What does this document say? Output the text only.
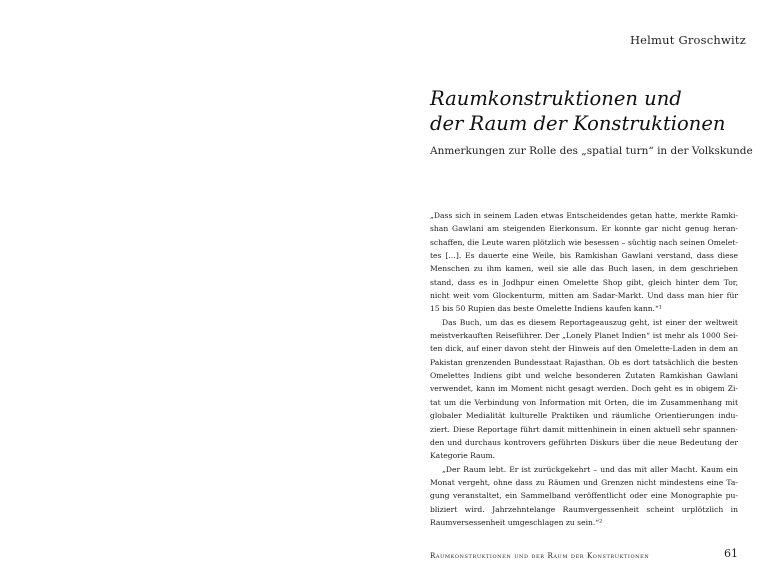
Helmut Groschwitz
Raumkonstruktionen und
der Raum der Konstruktionen
Anmerkungen zur Rolle des „spatial turn“ in der Volkskunde
„Dass sich in seinem Laden etwas Entscheidendes getan hatte, merkte Ramki-
shan Gawlani am steigenden Eierkonsum. Er konnte gar nicht genug heran-
schaffen, die Leute waren plötzlich wie besessen – süchtig nach seinen Omelet-
tes […]. Es dauerte eine Weile, bis Ramkishan Gawlani verstand, dass diese
Menschen zu ihm kamen, weil sie alle das Buch lasen, in dem geschrieben
stand, dass es in Jodhpur einen Omelette Shop gibt, gleich hinter dem Tor,
nicht weit vom Glockenturm, mitten am Sadar-Markt. Und dass man hier für
15 bis 50 Rupien das beste Omelette Indiens kaufen kann.“¹
Das Buch, um das es diesem Reportageauszug geht, ist einer der weltweit
meistverkauften Reiseführer. Der „Lonely Planet Indien“ ist mehr als 1000 Sei-
ten dick, auf einer davon steht der Hinweis auf den Omelette-Laden in dem an
Pakistan grenzenden Bundesstaat Rajasthan. Ob es dort tatsächlich die besten
Omelettes Indiens gibt und welche besonderen Zutaten Ramkishan Gawlani
verwendet, kann im Moment nicht gesagt werden. Doch geht es in obigem Zi-
tat um die Verbindung von Information mit Orten, die im Zusammenhang mit
globaler Medialität kulturelle Praktiken und räumliche Orientierungen indu-
ziert. Diese Reportage führt damit mittenhinein in einen aktuell sehr spannen-
den und durchaus kontrovers geführten Diskurs über die neue Bedeutung der
Kategorie Raum.
„Der Raum lebt. Er ist zurückgekehrt – und das mit aller Macht. Kaum ein
Monat vergeht, ohne dass zu Räumen und Grenzen nicht mindestens eine Ta-
gung veranstaltet, ein Sammelband veröffentlicht oder eine Monographie pu-
bliziert wird. Jahrzehntelange Raumvergessenheit scheint urplötzlich in
Raumversessenheit umgeschlagen zu sein.“²
Raumkonstruktionen und der Raum der Konstruktionen	61
